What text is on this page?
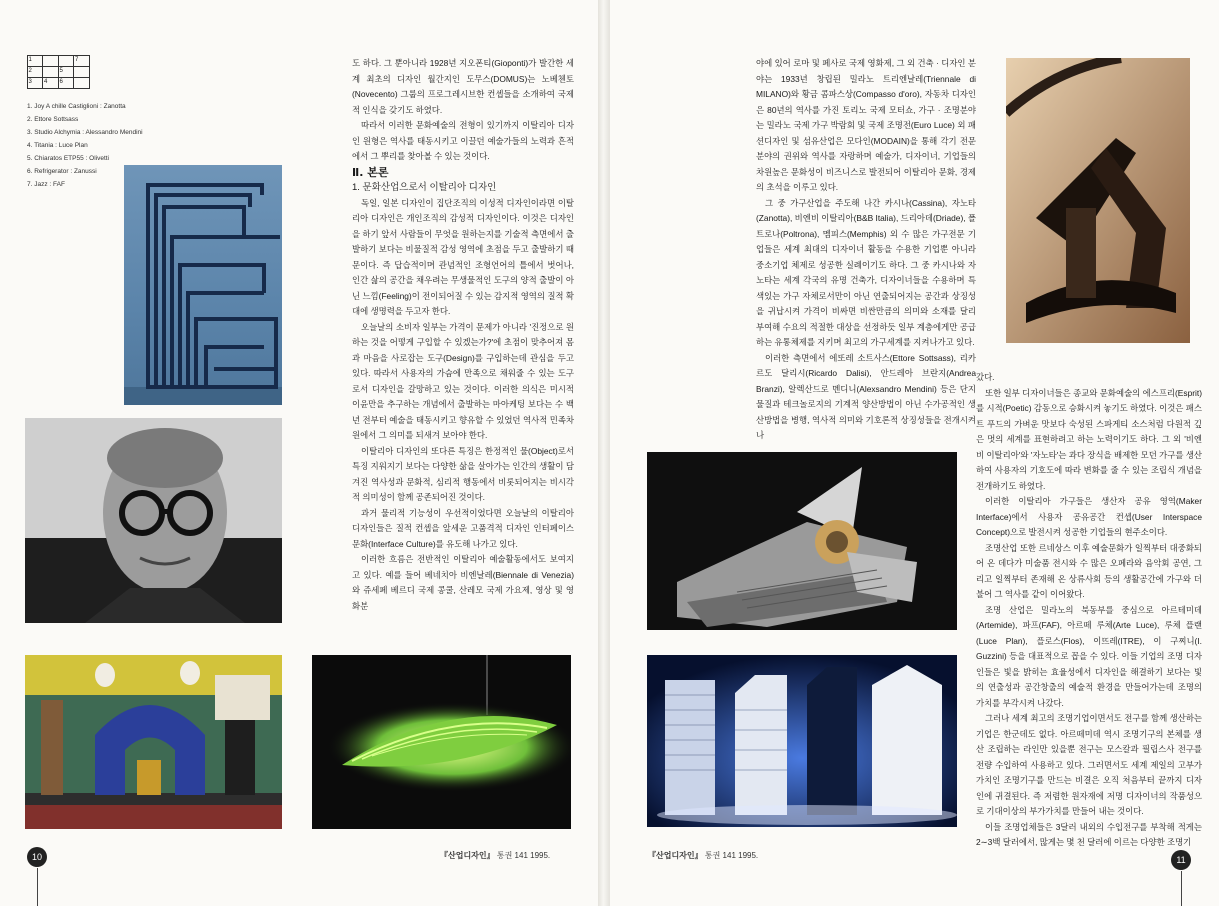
1	7
2	5
3	4	6
1. Joy A chille Castiglioni : Zanotta
2. Ettore Sottsass
3. Studio Alchymia : Alessandro Mendini
4. Titania : Luce Plan
5. Chiaratos ETP55 : Olivetti
6. Refrigerator : Zanussi
7. Jazz : FAF

도 하다. 그 뿐아니라 1928년 지오폰티(Gioponti)가 발간한 세계 최초의 디자인 월간지인 도무스(DOMUS)는 노베첸토(Novecento) 그룹의 프로그레시브한 컨셉들을 소개하여 국제적 인식을 갖기도 하였다.

따라서 이러한 문화예술의 전형이 있기까지 이탈리아 디자인 원형은 역사를 태동시키고 이끌던 예술가들의 노력과 흔적에서 그 뿌리를 찾아볼 수 있는 것이다.

Ⅱ. 본론

1. 문화산업으로서 이탈리아 디자인

독일, 일본 디자인이 집단조직의 이성적 디자인이라면 이탈리아 디자인은 개인조직의 감성적 디자인이다. 이것은 디자인을 하기 앞서 사람들이 무엇을 원하는지를 기술적 측면에서 출발하기 보다는 비물질적 감성 영역에 초점을 두고 출발하기 때문이다. 즉 답습적이며 관념적인 조형언어의 틀에서 벗어나, 인간 삶의 공간을 채우려는 무생물적인 도구의 양적 출발이 아닌 느낌(Feeling)이 전이되어질 수 있는 감지적 영역의 질적 확대에 생명력을 두고자 한다.

오늘날의 소비자 일부는 가격이 문제가 아니라 '진정으로 원하는 것을 어떻게 구입할 수 있겠는가?'에 초점이 맞추어져 몸과 마음을 사로잡는 도구(Design)를 구입하는데 관심을 두고 있다. 따라서 사용자의 가슴에 만족으로 채워줄 수 있는 도구로서 디자인을 갈망하고 있는 것이다. 이러한 의식은 미시적 이윤만을 추구하는 개념에서 출발하는 마아케팅 보다는 수 백년 전부터 예술을 태동시키고 향유할 수 있었던 역사적 민족차원에서 그 의미를 되새겨 보아야 한다.

이탈리아 디자인의 또다른 특징은 한정적인 물(Object)로서 특징 지워지기 보다는 다양한 삶을 살아가는 인간의 생활이 담겨진 역사성과 문화적, 심리적 행동에서 비롯되어지는 비시각적 의미성이 함께 공존되어진 것이다.

과거 물리적 기능성이 우선적이었다면 오늘날의 이탈리아 디자인들은 질적 컨셉을 앞세운 고품격적 디자인 인터페이스 문화(Interface Culture)를 유도해 나가고 있다.

이러한 흐름은 전반적인 이탈리아 예술활동에서도 보여지고 있다. 예를 들어 베네치아 비엔날레(Biennale di Venezia)와 쥬세페 베르디 국제 콩쿨, 산레모 국제 가요제, 영상 및 영화분

10	『산업디자인』 통권 141 1995.

야에 있어 로마 및 페사로 국제 영화제, 그 외 건축 · 디자인 분야는 1933년 창립된 밀라노 트리엔날레(Triennale di MILANO)와 황금 콤파스상(Compasso d'oro), 자동차 디자인은 80년의 역사를 가진 토리노 국제 모터쇼, 가구 · 조명분야는 밀라노 국제 가구 박람회 및 국제 조명전(Euro Luce) 외 패션디자인 및 섬유산업은 모다인(MODAIN)을 통해 각기 전문분야의 권위와 역사를 자랑하며 예술가, 디자이너, 기업들의 차원높은 문화성이 비즈니스로 발전되어 이탈리아 문화, 경제의 초석을 이루고 있다.

그 중 가구산업을 주도해 나간 카시나(Cassina), 자노타(Zanotta), 비엔비 이탈리아(B&B Italia), 드리아데(Driade), 폴트로나(Poltrona), 멤피스(Memphis) 외 수 많은 가구전문 기업들은 세계 최대의 디자이너 활동을 수용한 기업뿐 아니라 중소기업 체제로 성공한 실례이기도 하다. 그 중 카시나와 자노타는 세계 각국의 유명 건축가, 디자이너들을 수용하며 특색있는 가구 자체로서만이 아닌 연출되어지는 공간과 상징성을 귀납시켜 가격이 비싸면 비싼만큼의 의미와 소재를 달리 부여해 수요의 적절한 대상을 선정하듯 일부 계층에게만 공급하는 유통체제를 지키며 최고의 가구세계를 지켜나가고 있다.

이러한 측면에서 에또레 소트사스(Ettore Sottsass), 리카르도 달리시(Ricardo Dalisi), 안드레아 브란지(Andrea Branzi), 알렉산드로 멘디니(Alexsandro Mendini) 등은 단지 물질과 테크놀로지의 기계적 양산방법이 아닌 수가공적인 생산방법을 병행, 역사적 의미와 기호론적 상징성들을 전개시켜 나

갔다.

또한 일부 디자이너들은 종교와 문화예술의 에스프리(Esprit)를 시적(Poetic) 감동으로 승화시켜 놓기도 하였다. 이것은 패스트 푸드의 가벼운 맛보다 숙성된 스파게티 소스처럼 다원적 깊은 멋의 세계를 표현하려고 하는 노력이기도 하다. 그 외 '비엔비 이탈리아'와 '자노타'는 과다 장식을 배제한 모던 가구를 생산하여 사용자의 기호도에 따라 변화를 줄 수 있는 조립식 개념을 전개하기도 하였다.

이러한 이탈리아 가구들은 생산자 공유 영역(Maker Interface)에서 사용자 공유공간 컨셉(User Interspace Concept)으로 발전시켜 성공한 기업들의 현주소이다.

조명산업 또한 르네상스 이후 예술문화가 일찍부터 대중화되어 온 데다가 미술품 전시와 수 많은 오페라와 음악회 공연, 그리고 일찍부터 존재해 온 상류사회 등의 생활공간에 가구와 더불어 그 역사를 같이 이어왔다.

조명 산업은 밀라노의 북동부를 중심으로 아르테미데(Artemide), 파프(FAF), 아르떼 루체(Arte Luce), 루체 플랜(Luce Plan), 플로스(Flos), 이뜨레(ITRE), 이 구찌니(I. Guzzini) 등을 대표적으로 꼽을 수 있다. 이들 기업의 조명 디자인들은 빛을 밝히는 효율성에서 디자인을 해결하기 보다는 빛의 연출성과 공간창출의 예술적 환경을 만들어가는데 조명의 가치를 부각시켜 나갔다.

그러나 세계 최고의 조명기업이면서도 전구를 함께 생산하는 기업은 한군데도 없다. 아르떼미데 역시 조명기구의 본체를 생산 조립하는 라인만 있을뿐 전구는 모스칼과 필립스사 전구를 전량 수입하여 사용하고 있다. 그러면서도 세계 제일의 고부가가치인 조명기구를 만드는 비결은 오직 처음부터 끝까지 디자인에 귀결된다. 즉 저렴한 원자재에 저명 디자이너의 작품성으로 기대이상의 부가가치를 만들어 내는 것이다.

이들 조명업체들은 3달러 내외의 수입전구를 부착해 적게는 2∼3백 달러에서, 많게는 몇 천 달러에 이르는 다양한 조명기

『산업디자인』 통권 141 1995.	11
